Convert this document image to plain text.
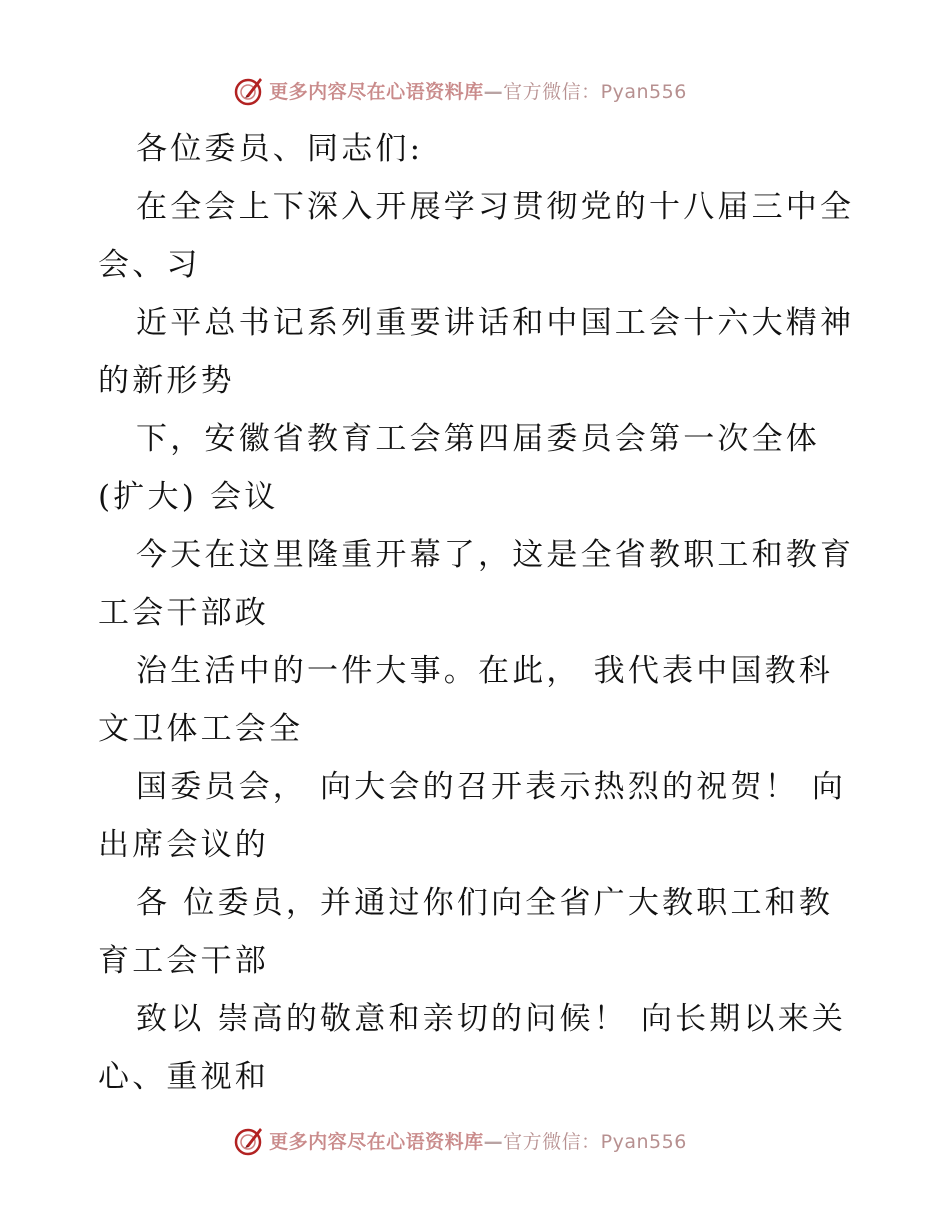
更多内容尽在心语资料库—官方微信：Pyan556
各位委员、同志们:
在全会上下深入开展学习贯彻党的十八届三中全
会、习
近平总书记系列重要讲话和中国工会十六大精神
的新形势
下，安徽省教育工会第四届委员会第一次全体
(扩大) 会议
今天在这里隆重开幕了，这是全省教职工和教育
工会干部政
治生活中的一件大事。在此， 我代表中国教科
文卫体工会全
国委员会， 向大会的召开表示热烈的祝贺！ 向
出席会议的
各 位委员，并通过你们向全省广大教职工和教
育工会干部
致以 崇高的敬意和亲切的问候！ 向长期以来关
心、重视和
更多内容尽在心语资料库—官方微信：Pyan556
